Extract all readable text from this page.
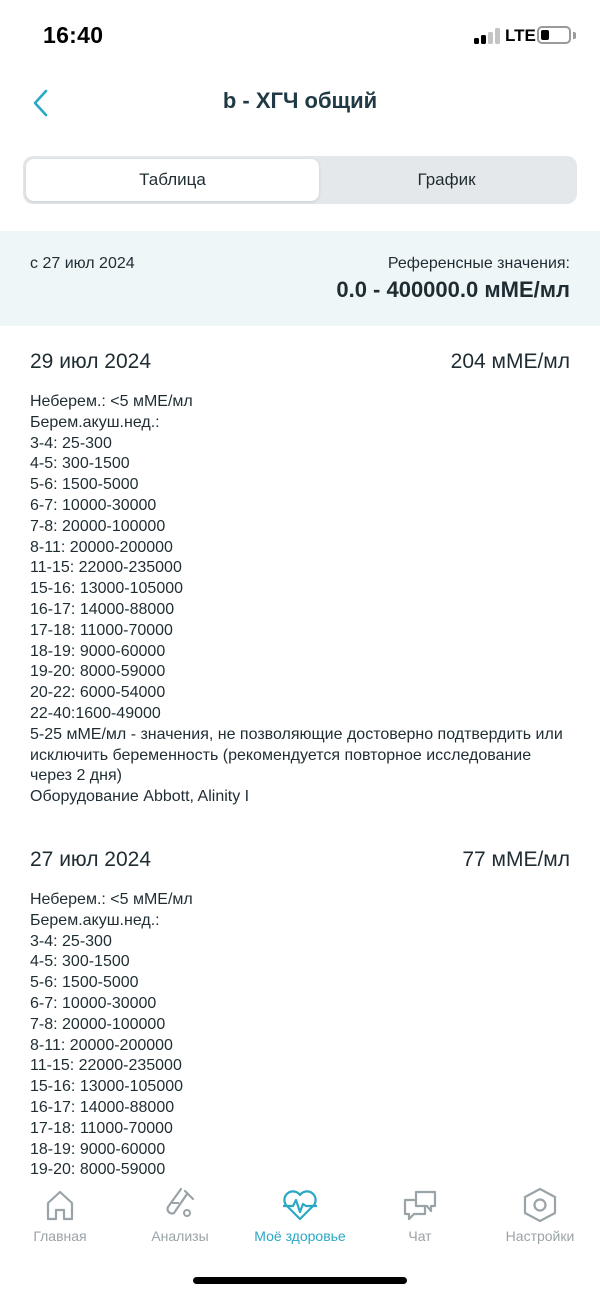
16:40	LTE
b - ХГЧ общий
Таблица	График
с 27 июл 2024	Референсные значения:
0.0 - 400000.0 мМЕ/мл
29 июл 2024	204 мМЕ/мл
Неберем.: <5 мМЕ/мл
Берем.акуш.нед.:
3-4: 25-300
4-5: 300-1500
5-6: 1500-5000
6-7: 10000-30000
7-8: 20000-100000
8-11: 20000-200000
11-15: 22000-235000
15-16: 13000-105000
16-17: 14000-88000
17-18: 11000-70000
18-19: 9000-60000
19-20: 8000-59000
20-22: 6000-54000
22-40:1600-49000
5-25 мМЕ/мл - значения, не позволяющие достоверно подтвердить или исключить беременность (рекомендуется повторное исследование через 2 дня)
Оборудование Abbott, Alinity I
27 июл 2024	77 мМЕ/мл
Неберем.: <5 мМЕ/мл
Берем.акуш.нед.:
3-4: 25-300
4-5: 300-1500
5-6: 1500-5000
6-7: 10000-30000
7-8: 20000-100000
8-11: 20000-200000
11-15: 22000-235000
15-16: 13000-105000
16-17: 14000-88000
17-18: 11000-70000
18-19: 9000-60000
19-20: 8000-59000
Главная	Анализы	Моё здоровье	Чат	Настройки
